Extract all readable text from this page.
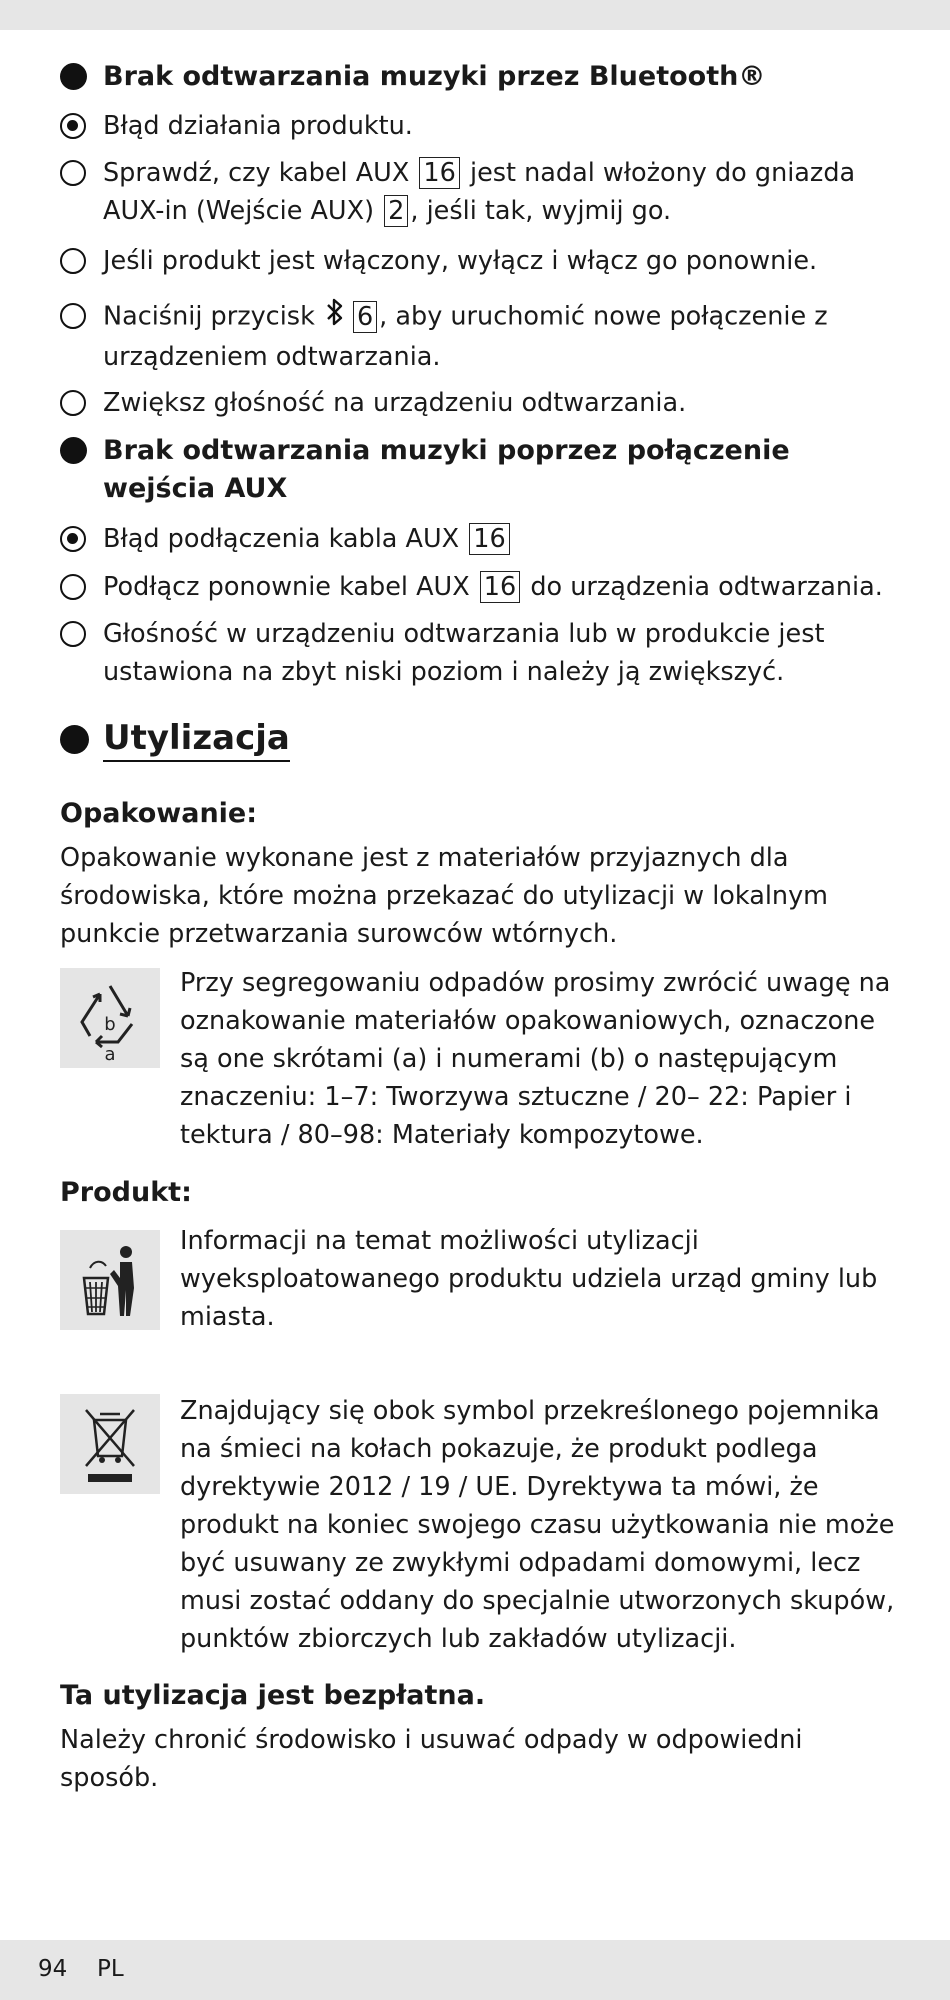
Brak odtwarzania muzyki przez Bluetooth®
Błąd działania produktu.
Sprawdź, czy kabel AUX 16 jest nadal włożony do gniazda AUX-in (Wejście AUX) 2 , jeśli tak, wyjmij go.
Jeśli produkt jest włączony, wyłącz i włącz go ponownie.
Naciśnij przycisk 6 , aby uruchomić nowe połączenie z urządzeniem odtwarzania.
Zwiększ głośność na urządzeniu odtwarzania.
Brak odtwarzania muzyki poprzez połączenie wejścia AUX
Błąd podłączenia kabla AUX 16
Podłącz ponownie kabel AUX 16 do urządzenia odtwarzania.
Głośność w urządzeniu odtwarzania lub w produkcie jest ustawiona na zbyt niski poziom i należy ją zwiększyć.
Utylizacja
Opakowanie:
Opakowanie wykonane jest z materiałów przyjaznych dla środowiska, które można przekazać do utylizacji w lokalnym punkcie przetwarzania surowców wtórnych.
b
a
Przy segregowaniu odpadów prosimy zwrócić uwagę na oznakowanie materiałów opakowaniowych, oznaczone są one skrótami (a) i numerami (b) o następującym znaczeniu: 1–7: Tworzywa sztuczne / 20– 22: Papier i tektura / 80–98: Materiały kompozytowe.
Produkt:
Informacji na temat możliwości utylizacji wyeksploatowanego produktu udziela urząd gminy lub miasta.
Znajdujący się obok symbol przekreślonego pojemnika na śmieci na kołach pokazuje, że produkt podlega dyrektywie 2012 / 19 / UE. Dyrektywa ta mówi, że produkt na koniec swojego czasu użytkowania nie może być usuwany ze zwykłymi odpadami domowymi, lecz musi zostać oddany do specjalnie utworzonych skupów, punktów zbiorczych lub zakładów utylizacji.
Ta utylizacja jest bezpłatna.
Należy chronić środowisko i usuwać odpady w odpowiedni sposób.
94 PL
